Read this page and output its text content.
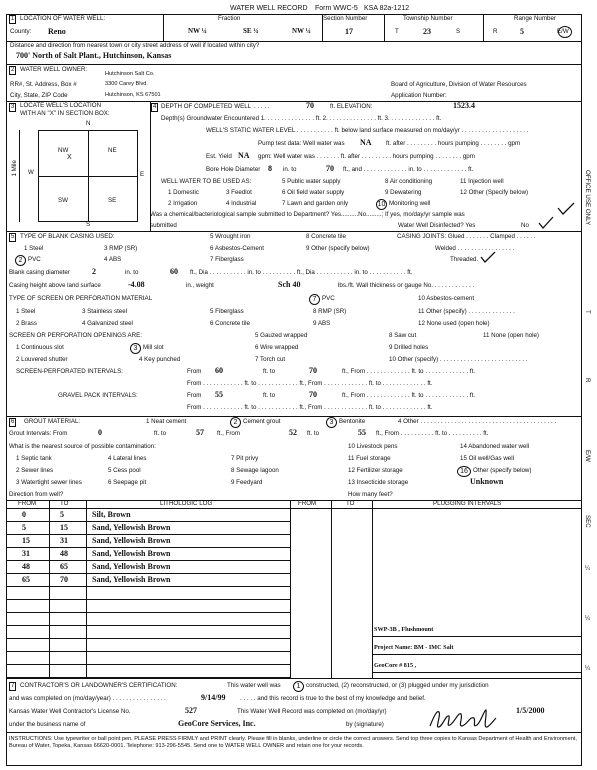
WATER WELL RECORD Form WWC-5 KSA 82a-1212
1 LOCATION OF WATER WELL:
County: Reno
Fraction
NW ¼	SE ¼	NW ¼
Section Number
17
Township Number
T	23	S
Range Number
R	5	E/W
Distance and direction from nearest town or city street address of well if located within city?
700' North of Salt Plant., Hutchinson, Kansas
2 WATER WELL OWNER:
RR#, St. Address, Box #
City, State, ZIP Code
Hutchinson Salt Co.
3300 Carey Blvd.
Hutchinson, KS 67501
Board of Agriculture, Division of Water Resources
Application Number:
3 LOCATE WELL'S LOCATION
WITH AN "X" IN SECTION BOX:
N
S
W	E
NW
X
NE
SW	SE
1 Mile
4 DEPTH OF COMPLETED WELL . . . . .	70	ft. ELEVATION:	1523.4
Depth(s) Groundwater Encountered 1. . . . . . . . . . . . . . . ft. 2. . . . . . . . . . . . . . . ft. 3. . . . . . . . . . . . . . ft.
WELL'S STATIC WATER LEVEL . . . . . . . . . . . ft. below land surface measured on mo/day/yr . . . . . . . . . . . . . . . . . . . .
Pump test data: Well water was NA ft. after . . . . . . . . . hours pumping . . . . . . . . gpm
Est. Yield NA gpm: Well water was . . . . . . . ft. after . . . . . . . . . hours pumping . . . . . . . . gpm
Bore Hole Diameter 8 in. to	70 ft., and . . . . . . . . . . . . . in. to . . . . . . . . . . . . . ft.
WELL WATER TO BE USED AS:	5 Public water supply	8 Air conditioning	11 Injection well
1 Domestic	3 Feedlot	6 Oil field water supply	9 Dewatering	12 Other (Specify below)
2 Irrigation	4 Industrial	7 Lawn and garden only	10 Monitoring well
Was a chemical/bacteriological sample submitted to Department? Yes..........No.........; If yes, mo/day/yr sample was
submitted	Water Well Disinfected? Yes	No
5 TYPE OF BLANK CASING USED:	5 Wrought iron	8 Concrete tile	CASING JOINTS: Glued . . . . . . . Clamped . . . . . .
1 Steel	3 RMP (SR)	6 Asbestos-Cement	9 Other (specify below)	Welded . . . . . . . . . . . . . . . . .
2 PVC	4 ABS	7 Fiberglass	Threaded.
Blank casing diameter	2	in. to	60 ft., Dia . . . . . . . . . . . in. to . . . . . . . . . . ft., Dia . . . . . . . . . . . in. to . . . . . . . . . . . ft.
Casing height above land surface	-4.08	in., weight	Sch 40	lbs./ft. Wall thickness or gauge No. . . . . . . . . . . . .
TYPE OF SCREEN OR PERFORATION MATERIAL	7 PVC	10 Asbestos-cement
1 Steel	3 Stainless steel	5 Fiberglass	8 RMP (SR)	11 Other (specify) . . . . . . . . . . . . . .
2 Brass	4 Galvanized steel	6 Concrete tile	9 ABS	12 None used (open hole)
SCREEN OR PERFORATION OPENINGS ARE:	5 Gauzed wrapped	8 Saw cut	11 None (open hole)
1 Continuous slot	3 Mill slot	6 Wire wrapped	9 Drilled holes
2 Louvered shutter	4 Key punched	7 Torch cut	10 Other (specify) . . . . . . . . . . . . . . . . . . . . . . . . . .
SCREEN-PERFORATED INTERVALS:	From 60	ft. to	70	ft., From . . . . . . . . . . . . . ft. to . . . . . . . . . . . . . ft.
From . . . . . . . . . . . . ft. to . . . . . . . . . . . . ft., From . . . . . . . . . . . . . ft. to . . . . . . . . . . . . . ft.
GRAVEL PACK INTERVALS:	From 55	ft. to	70	ft., From . . . . . . . . . . . . . ft. to . . . . . . . . . . . . . ft.
From . . . . . . . . . . . . ft. to . . . . . . . . . . . . ft., From . . . . . . . . . . . . . ft. to . . . . . . . . . . . . . ft.
6	GROUT MATERIAL:	1 Neat cement	2 Cement grout	3 Bentonite	4 Other . . . . . . . . . . . . . . . . . . . . . . . . . . . . . . . . . . . . . . . .
Grout Intervals: From	0	ft. to	57 ft., From	52 ft. to	55 ft., From . . . . . . . . . . ft. to . . . . . . . . . . ft.
What is the nearest source of possible contamination:	10 Livestock pens	14 Abandoned water well
1 Septic tank	4 Lateral lines	7 Pit privy	11 Fuel storage	15 Oil well/Gas well
2 Sewer lines	5 Cess pool	8 Sewage lagoon	12 Fertilizer storage	16 Other (specify below)
3 Watertight sewer lines	6 Seepage pit	9 Feedyard	13 Insecticide storage	Unknown
Direction from well?	How many feet?
FROM	TO	LITHOLOGIC LOG	FROM	TO	PLUGGING INTERVALS
0	5	Silt, Brown
5	15	Sand, Yellowish Brown
15	31	Sand, Yellowish Brown
31	48	Sand, Yellowish Brown
48	65	Sand, Yellowish Brown
65	70	Sand, Yellowish Brown
SWP-3B , Flushmount
Project Name: BM - IMC Salt
GeoCore # 815 ,
7 CONTRACTOR'S OR LANDOWNER'S CERTIFICATION:	This water well was	1 constructed, (2) reconstructed, or (3) plugged under my jurisdiction
and was completed on (mo/day/year) . . . . . . . . . . . . . . . .	9/14/99 . . . . . and this record is true to the best of my knowledge and belief.
Kansas Water Well Contractor's License No.	527	This Water Well Record was completed on (mo/day/yr)	1/5/2000
under the business name of	GeoCore Services, Inc.	by (signature)
INSTRUCTIONS: Use typewriter or ball point pen. PLEASE PRESS FIRMLY and PRINT clearly. Please fill in blanks, underline or circle the correct answers. Send top three copies to Kansas Department of Health and Environment, Bureau of Water, Topeka, Kansas 66620-0001. Telephone: 913-296-5545. Send one to WATER WELL OWNER and retain one for your records.
OFFICE USE ONLY
T
R
E/W
SEC
¼
¼
¼
